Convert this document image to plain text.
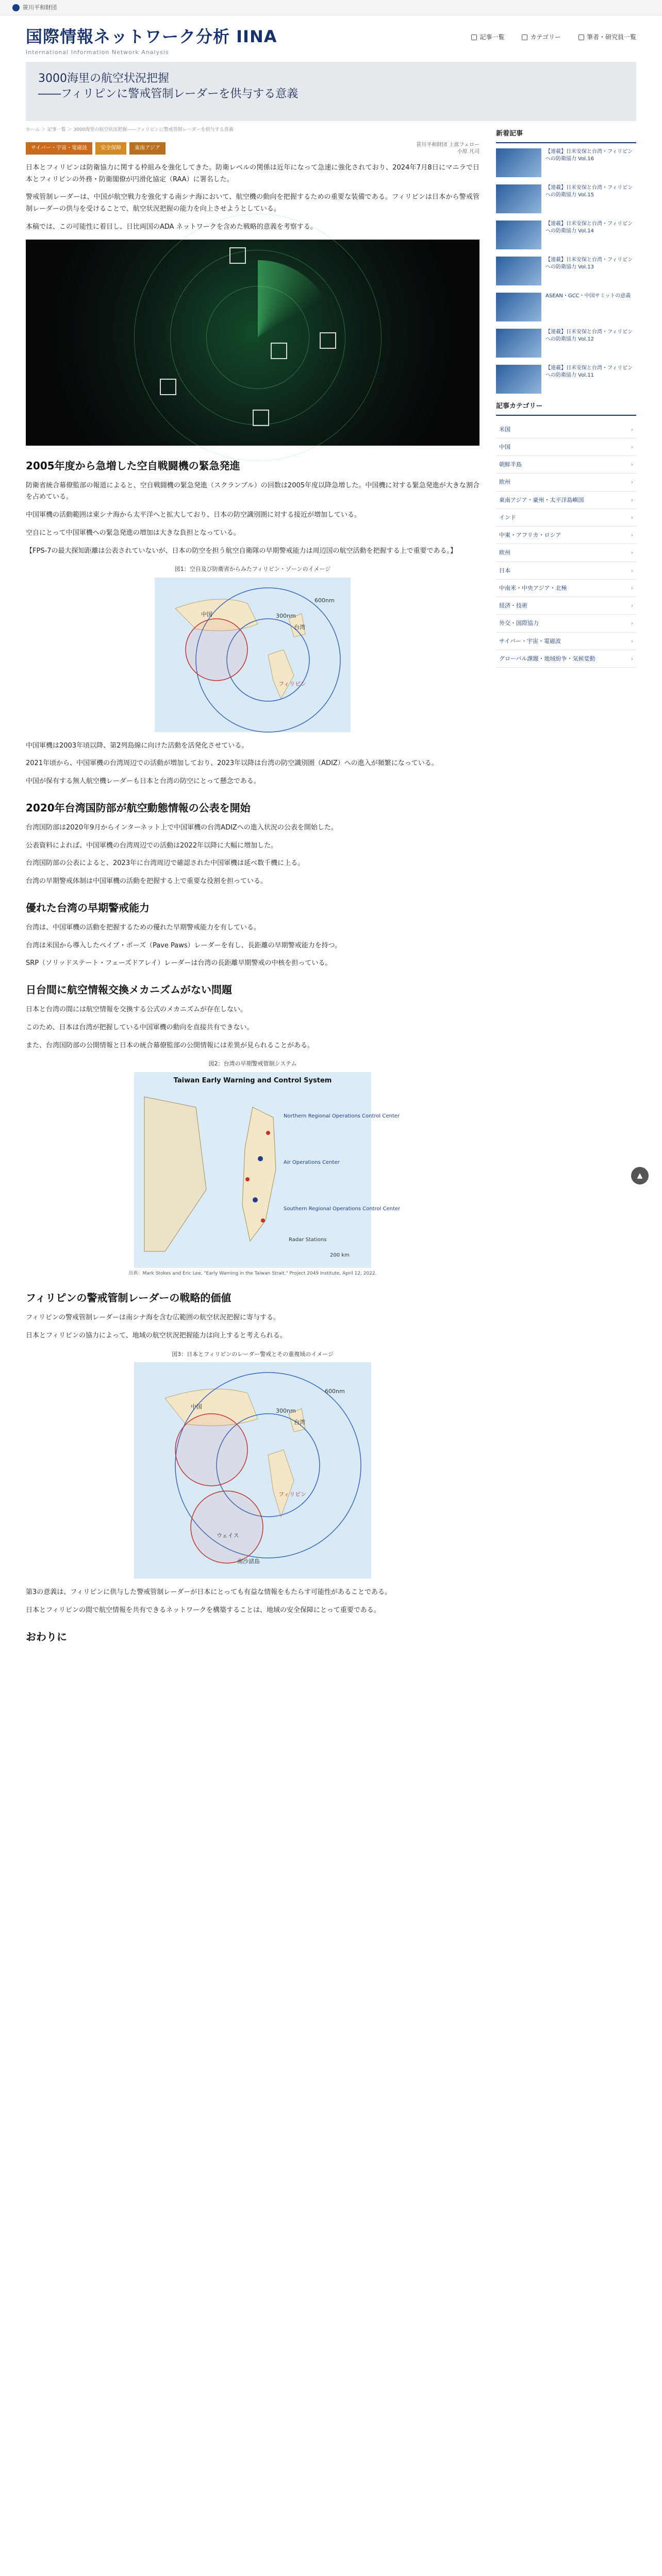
笹川平和財団
国際情報ネットワーク分析 IINA
International Information Network Analysis
記事一覧	カテゴリー	筆者・研究員一覧
3000海里の航空状況把握
――フィリピンに警戒管制レーダーを供与する意義
ホーム ＞ 記事一覧 ＞ 3000海里の航空状況把握――フィリピンに警戒管制レーダーを供与する意義
サイバー・宇宙・電磁波	安全保障	東南アジア
笹川平和財団 上席フェロー
小原 凡司

日本とフィリピンは防衛協力に関する枠組みを強化してきた。防衛レベルの関係は近年になって急速に強化されており、2024年7月8日にマニラで日本とフィリピンの外務・防衛閣僚が円滑化協定（RAA）に署名した。

警戒管制レーダーは、中国が航空戦力を強化する南シナ海において、航空機の動向を把握するための重要な装備である。フィリピンは日本から警戒管制レーダーの供与を受けることで、航空状況把握の能力を向上させようとしている。

本稿では、この可能性に着目し、日比両国のADA ネットワークを含めた戦略的意義を考察する。

2005年度から急増した空自戦闘機の緊急発進

防衛省統合幕僚監部の報道によると、空自戦闘機の緊急発進（スクランブル）の回数は2005年度以降急増した。中国機に対する緊急発進が大きな割合を占めている。

中国軍機の活動範囲は東シナ海から太平洋へと拡大しており、日本の防空識別圏に対する接近が増加している。

空自にとって中国軍機への緊急発進の増加は大きな負担となっている。

【FPS-7の最大探知距離は公表されていないが、日本の防空を担う航空自衛隊の早期警戒能力は周辺国の航空活動を把握する上で重要である。】

図1：空自及び防衛省からみたフィリピン・ゾーンのイメージ
300nm
600nm
フィリピン
台湾
中国

中国軍機は2003年頃以降、第2列島線に向けた活動を活発化させている。

2021年頃から、中国軍機の台湾周辺での活動が増加しており、2023年以降は台湾の防空識別圏（ADIZ）への進入が頻繁になっている。

中国が保有する無人航空機レーダーも日本と台湾の防空にとって懸念である。

2020年台湾国防部が航空動態情報の公表を開始

台湾国防部は2020年9月からインターネット上で中国軍機の台湾ADIZへの進入状況の公表を開始した。

公表資料によれば、中国軍機の台湾周辺での活動は2022年以降に大幅に増加した。

台湾国防部の公表によると、2023年に台湾周辺で確認された中国軍機は延べ数千機に上る。

台湾の早期警戒体制は中国軍機の活動を把握する上で重要な役割を担っている。

優れた台湾の早期警戒能力

台湾は、中国軍機の活動を把握するための優れた早期警戒能力を有している。

台湾は米国から導入したペイブ・ポーズ（Pave Paws）レーダーを有し、長距離の早期警戒能力を持つ。

SRP（ソリッドステート・フェーズドアレイ）レーダーは台湾の長距離早期警戒の中核を担っている。

日台間に航空情報交換メカニズムがない問題

日本と台湾の間には航空情報を交換する公式のメカニズムが存在しない。

このため、日本は台湾が把握している中国軍機の動向を直接共有できない。

また、台湾国防部の公開情報と日本の統合幕僚監部の公開情報には差異が見られることがある。

図2：台湾の早期警戒管制システム
Taiwan Early Warning and Control System
Northern Regional Operations Control Center
Southern Regional Operations Control Center
Air Operations Center
Radar Stations
200 km
出典：Mark Stokes and Eric Lee, "Early Warning in the Taiwan Strait," Project 2049 Institute, April 12, 2022.
フィリピンの警戒管制レーダーの戦略的価値

フィリピンの警戒管制レーダーは南シナ海を含む広範囲の航空状況把握に寄与する。

日本とフィリピンの協力によって、地域の航空状況把握能力は向上すると考えられる。

図3：日本とフィリピンのレーダー警戒とその重複域のイメージ
300nm
600nm
フィリピン
台湾
中国
ウェイス
南沙諸島

第3の意義は、フィリピンに供与した警戒管制レーダーが日本にとっても有益な情報をもたらす可能性があることである。

日本とフィリピンの間で航空情報を共有できるネットワークを構築することは、地域の安全保障にとって重要である。

おわりに
新着記事
【連載】日米安保と台湾・フィリピンへの防衛協力 Vol.16
【連載】日米安保と台湾・フィリピンへの防衛協力 Vol.15
【連載】日米安保と台湾・フィリピンへの防衛協力 Vol.14
【連載】日米安保と台湾・フィリピンへの防衛協力 Vol.13
ASEAN・GCC・中国サミットの意義
【連載】日米安保と台湾・フィリピンへの防衛協力 Vol.12
【連載】日米安保と台湾・フィリピンへの防衛協力 Vol.11
記事カテゴリー
米国 ›
中国 ›
朝鮮半島 ›
欧州 ›
東南アジア・豪州・太平洋島嶼国 ›
インド ›
中東・アフリカ・ロシア ›
欧州 ›
日本 ›
中南米・中央アジア・北極 ›
経済・技術 ›
外交・国際協力 ›
サイバー・宇宙・電磁波 ›
グローバル課題・地域紛争・気候変動 ›
▲
